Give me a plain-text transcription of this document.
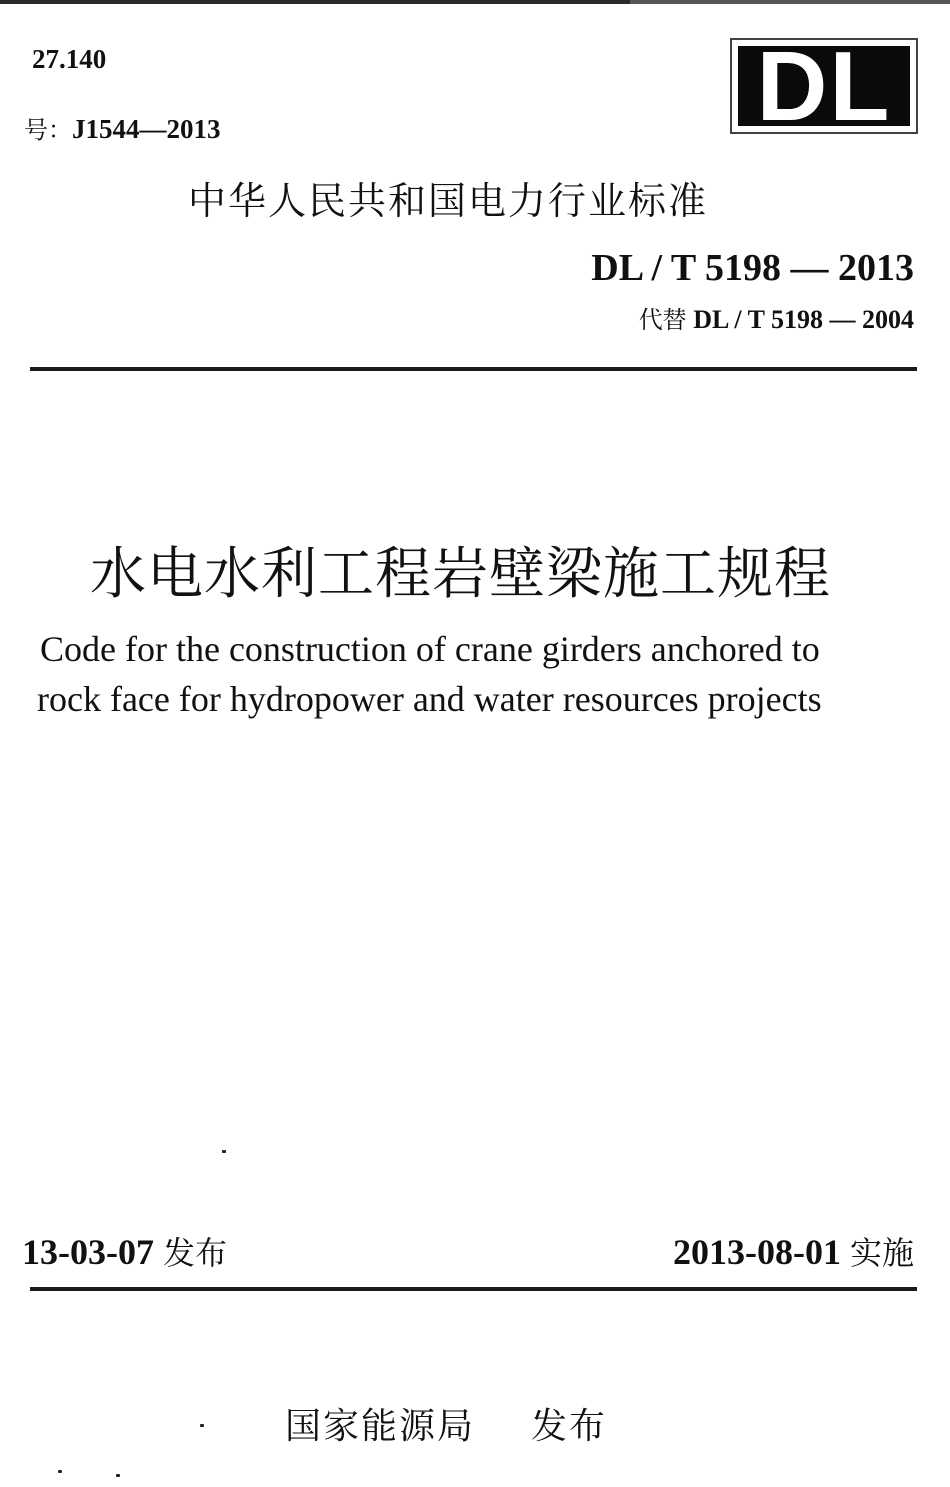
27.140
号：J1544—2013	DL
中华人民共和国电力行业标准
DL / T 5198 — 2013
代替 DL / T 5198 — 2004
水电水利工程岩壁梁施工规程
Code for the construction of crane girders anchored to
rock face for hydropower and water resources projects
13-03-07 发布	2013-08-01 实施
国家能源局 发布
